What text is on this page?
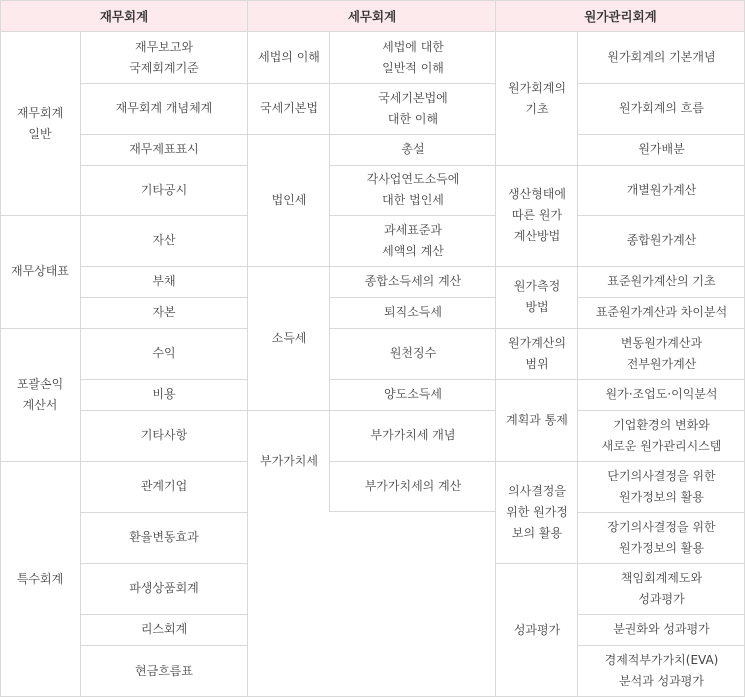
재무회계	세무회계	원가관리회계
재무회계
일반
재무상태표
포괄손익
계산서
특수회계
재무보고와
국제회계기준
재무회계 개념체계
재무제표표시
기타공시
자산
부채
자본
수익
비용
기타사항
관계기업
환율변동효과
파생상품회계
리스회계
현금흐름표
세법의 이해
국세기본법
법인세
소득세
부가가치세
세법에 대한
일반적 이해
국세기본법에
대한 이해
총설
각사업연도소득에
대한 법인세
과세표준과
세액의 계산
종합소득세의 계산
퇴직소득세
원천징수
양도소득세
부가가치세 개념
부가가치세의 계산
원가회계의
기초
생산형태에
따른 원가
계산방법
원가측정
방법
원가계산의
범위
계획과 통제
의사결정을
위한 원가정
보의 활용
성과평가
원가회계의 기본개념
원가회계의 흐름
원가배분
개별원가계산
종합원가계산
표준원가계산의 기초
표준원가계산과 차이분석
변동원가계산과
전부원가계산
원가·조업도·이익분석
기업환경의 변화와
새로운 원가관리시스템
단기의사결정을 위한
원가정보의 활용
장기의사결정을 위한
원가정보의 활용
책임회계제도와
성과평가
분권화와 성과평가
경제적부가가치(EVA)
분석과 성과평가
